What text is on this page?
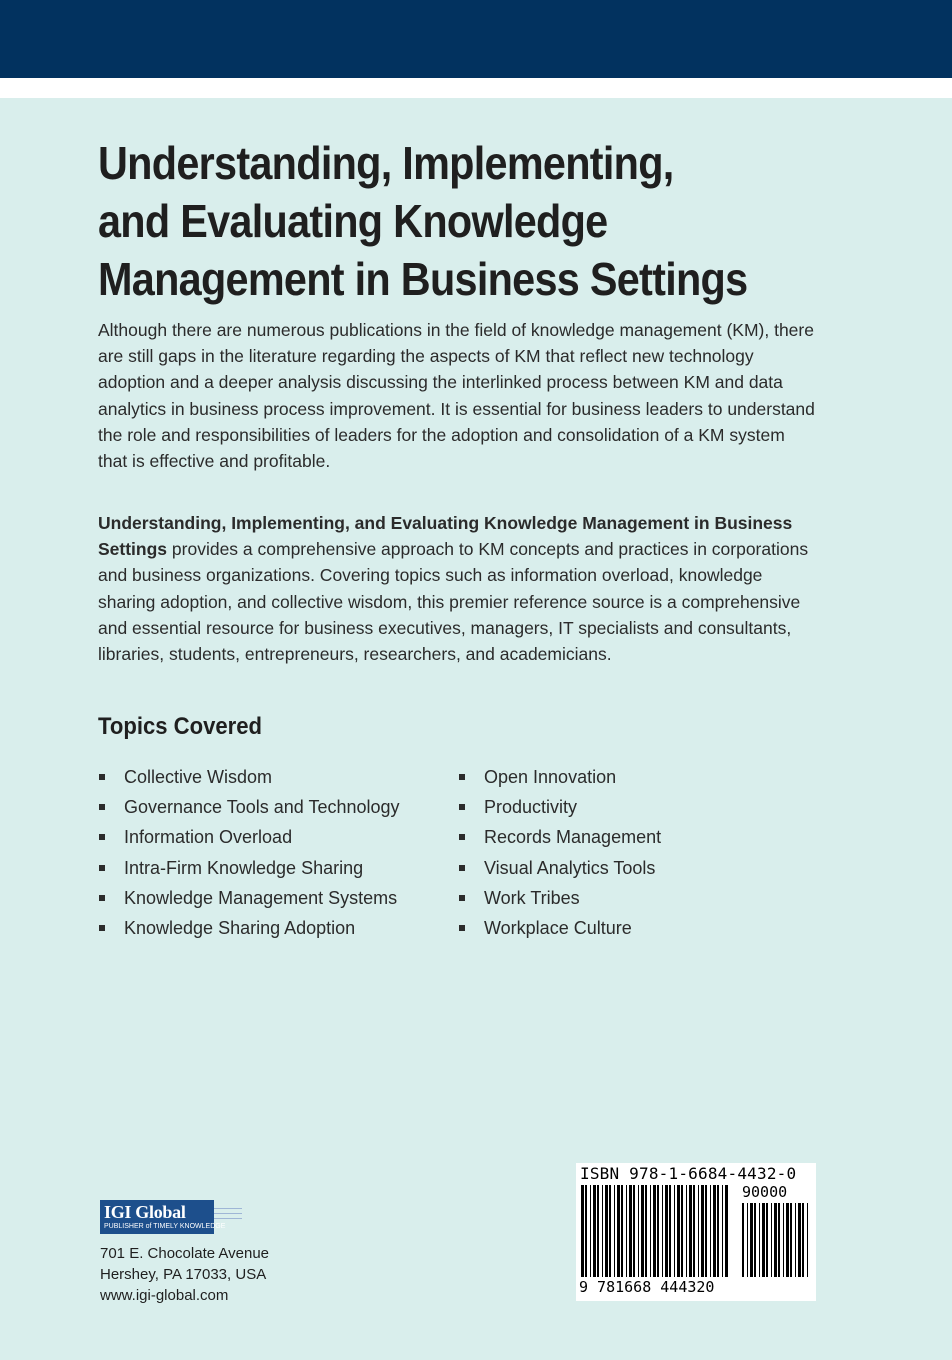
Understanding, Implementing,
and Evaluating Knowledge
Management in Business Settings

Although there are numerous publications in the field of knowledge management (KM), there are still gaps in the literature regarding the aspects of KM that reflect new technology adoption and a deeper analysis discussing the interlinked process between KM and data analytics in business process improvement. It is essential for business leaders to understand the role and responsibilities of leaders for the adoption and consolidation of a KM system that is effective and profitable.

Understanding, Implementing, and Evaluating Knowledge Management in Business Settings provides a comprehensive approach to KM concepts and practices in corporations and business organizations. Covering topics such as information overload, knowledge sharing adoption, and collective wisdom, this premier reference source is a comprehensive and essential resource for business executives, managers, IT specialists and consultants, libraries, students, entrepreneurs, researchers, and academicians.

Topics Covered
Collective Wisdom
Governance Tools and Technology
Information Overload
Intra-Firm Knowledge Sharing
Knowledge Management Systems
Knowledge Sharing Adoption
Open Innovation
Productivity
Records Management
Visual Analytics Tools
Work Tribes
Workplace Culture
IGI Global
PUBLISHER of TIMELY KNOWLEDGE
701 E. Chocolate Avenue
Hershey, PA 17033, USA
www.igi-global.com
ISBN 978-1-6684-4432-0
90000
9 781668 444320
